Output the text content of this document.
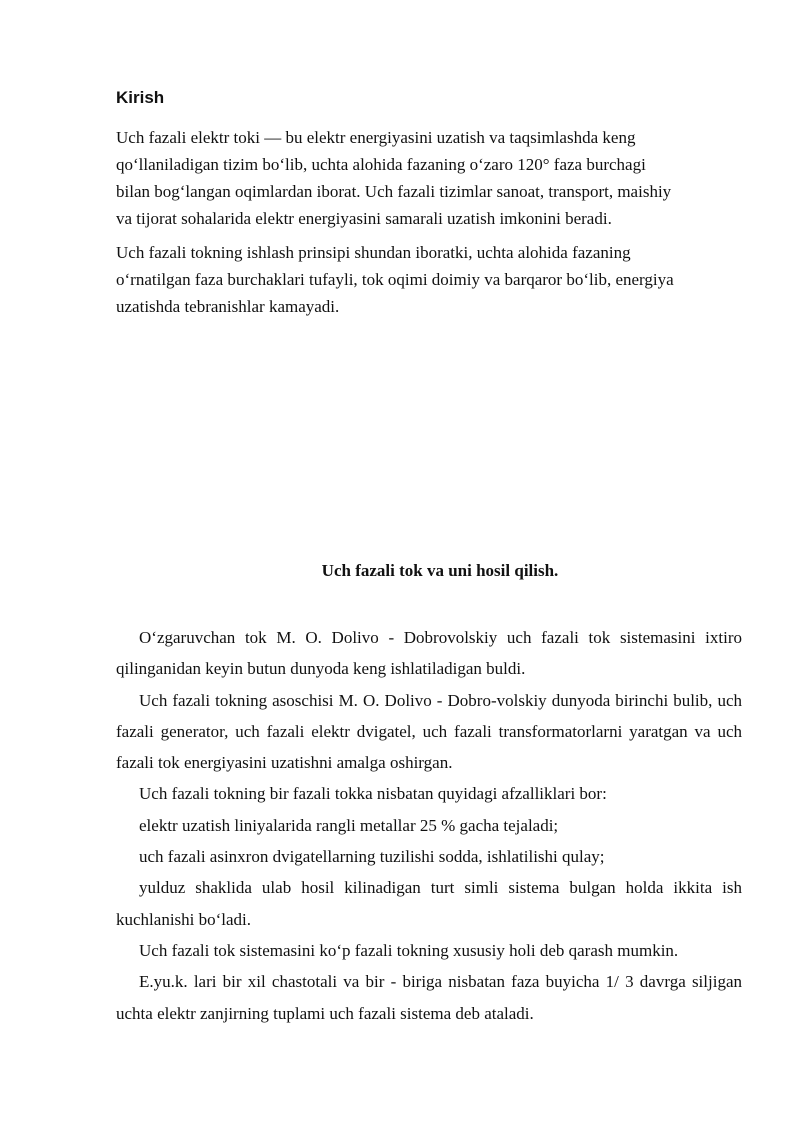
Kirish

Uch fazali elektr toki — bu elektr energiyasini uzatish va taqsimlashda keng
qo‘llaniladigan tizim bo‘lib, uchta alohida fazaning o‘zaro 120° faza burchagi
bilan bog‘langan oqimlardan iborat. Uch fazali tizimlar sanoat, transport, maishiy
va tijorat sohalarida elektr energiyasini samarali uzatish imkonini beradi.

Uch fazali tokning ishlash prinsipi shundan iboratki, uchta alohida fazaning
o‘rnatilgan faza burchaklari tufayli, tok oqimi doimiy va barqaror bo‘lib, energiya
uzatishda tebranishlar kamayadi.

Uch fazali tok va uni hosil qilish.

O‘zgaruvchan tok M. O. Dolivo - Dobrovolskiy uch fazali tok sistemasini ixtiro qilinganidan keyin butun dunyoda keng ishlatiladigan buldi.

Uch fazali tokning asoschisi M. O. Dolivo - Dobro-volskiy dunyoda birinchi bulib, uch fazali generator, uch fazali elektr dvigatel, uch fazali transformatorlarni yaratgan va uch fazali tok energiyasini uzatishni amalga oshirgan.

Uch fazali tokning bir fazali tokka nisbatan quyidagi afzalliklari bor:

elektr uzatish liniyalarida rangli metallar 25 % gacha tejaladi;

uch fazali asinxron dvigatellarning tuzilishi sodda, ishlatilishi qulay;

yulduz shaklida ulab hosil kilinadigan turt simli sistema bulgan holda ikkita ish kuchlanishi bo‘ladi.

Uch fazali tok sistemasini ko‘p fazali tokning xususiy holi deb qarash mumkin.

E.yu.k. lari bir xil chastotali va bir - biriga nisbatan faza buyicha 1/ 3 davrga siljigan uchta elektr zanjirning tuplami uch fazali sistema deb ataladi.
